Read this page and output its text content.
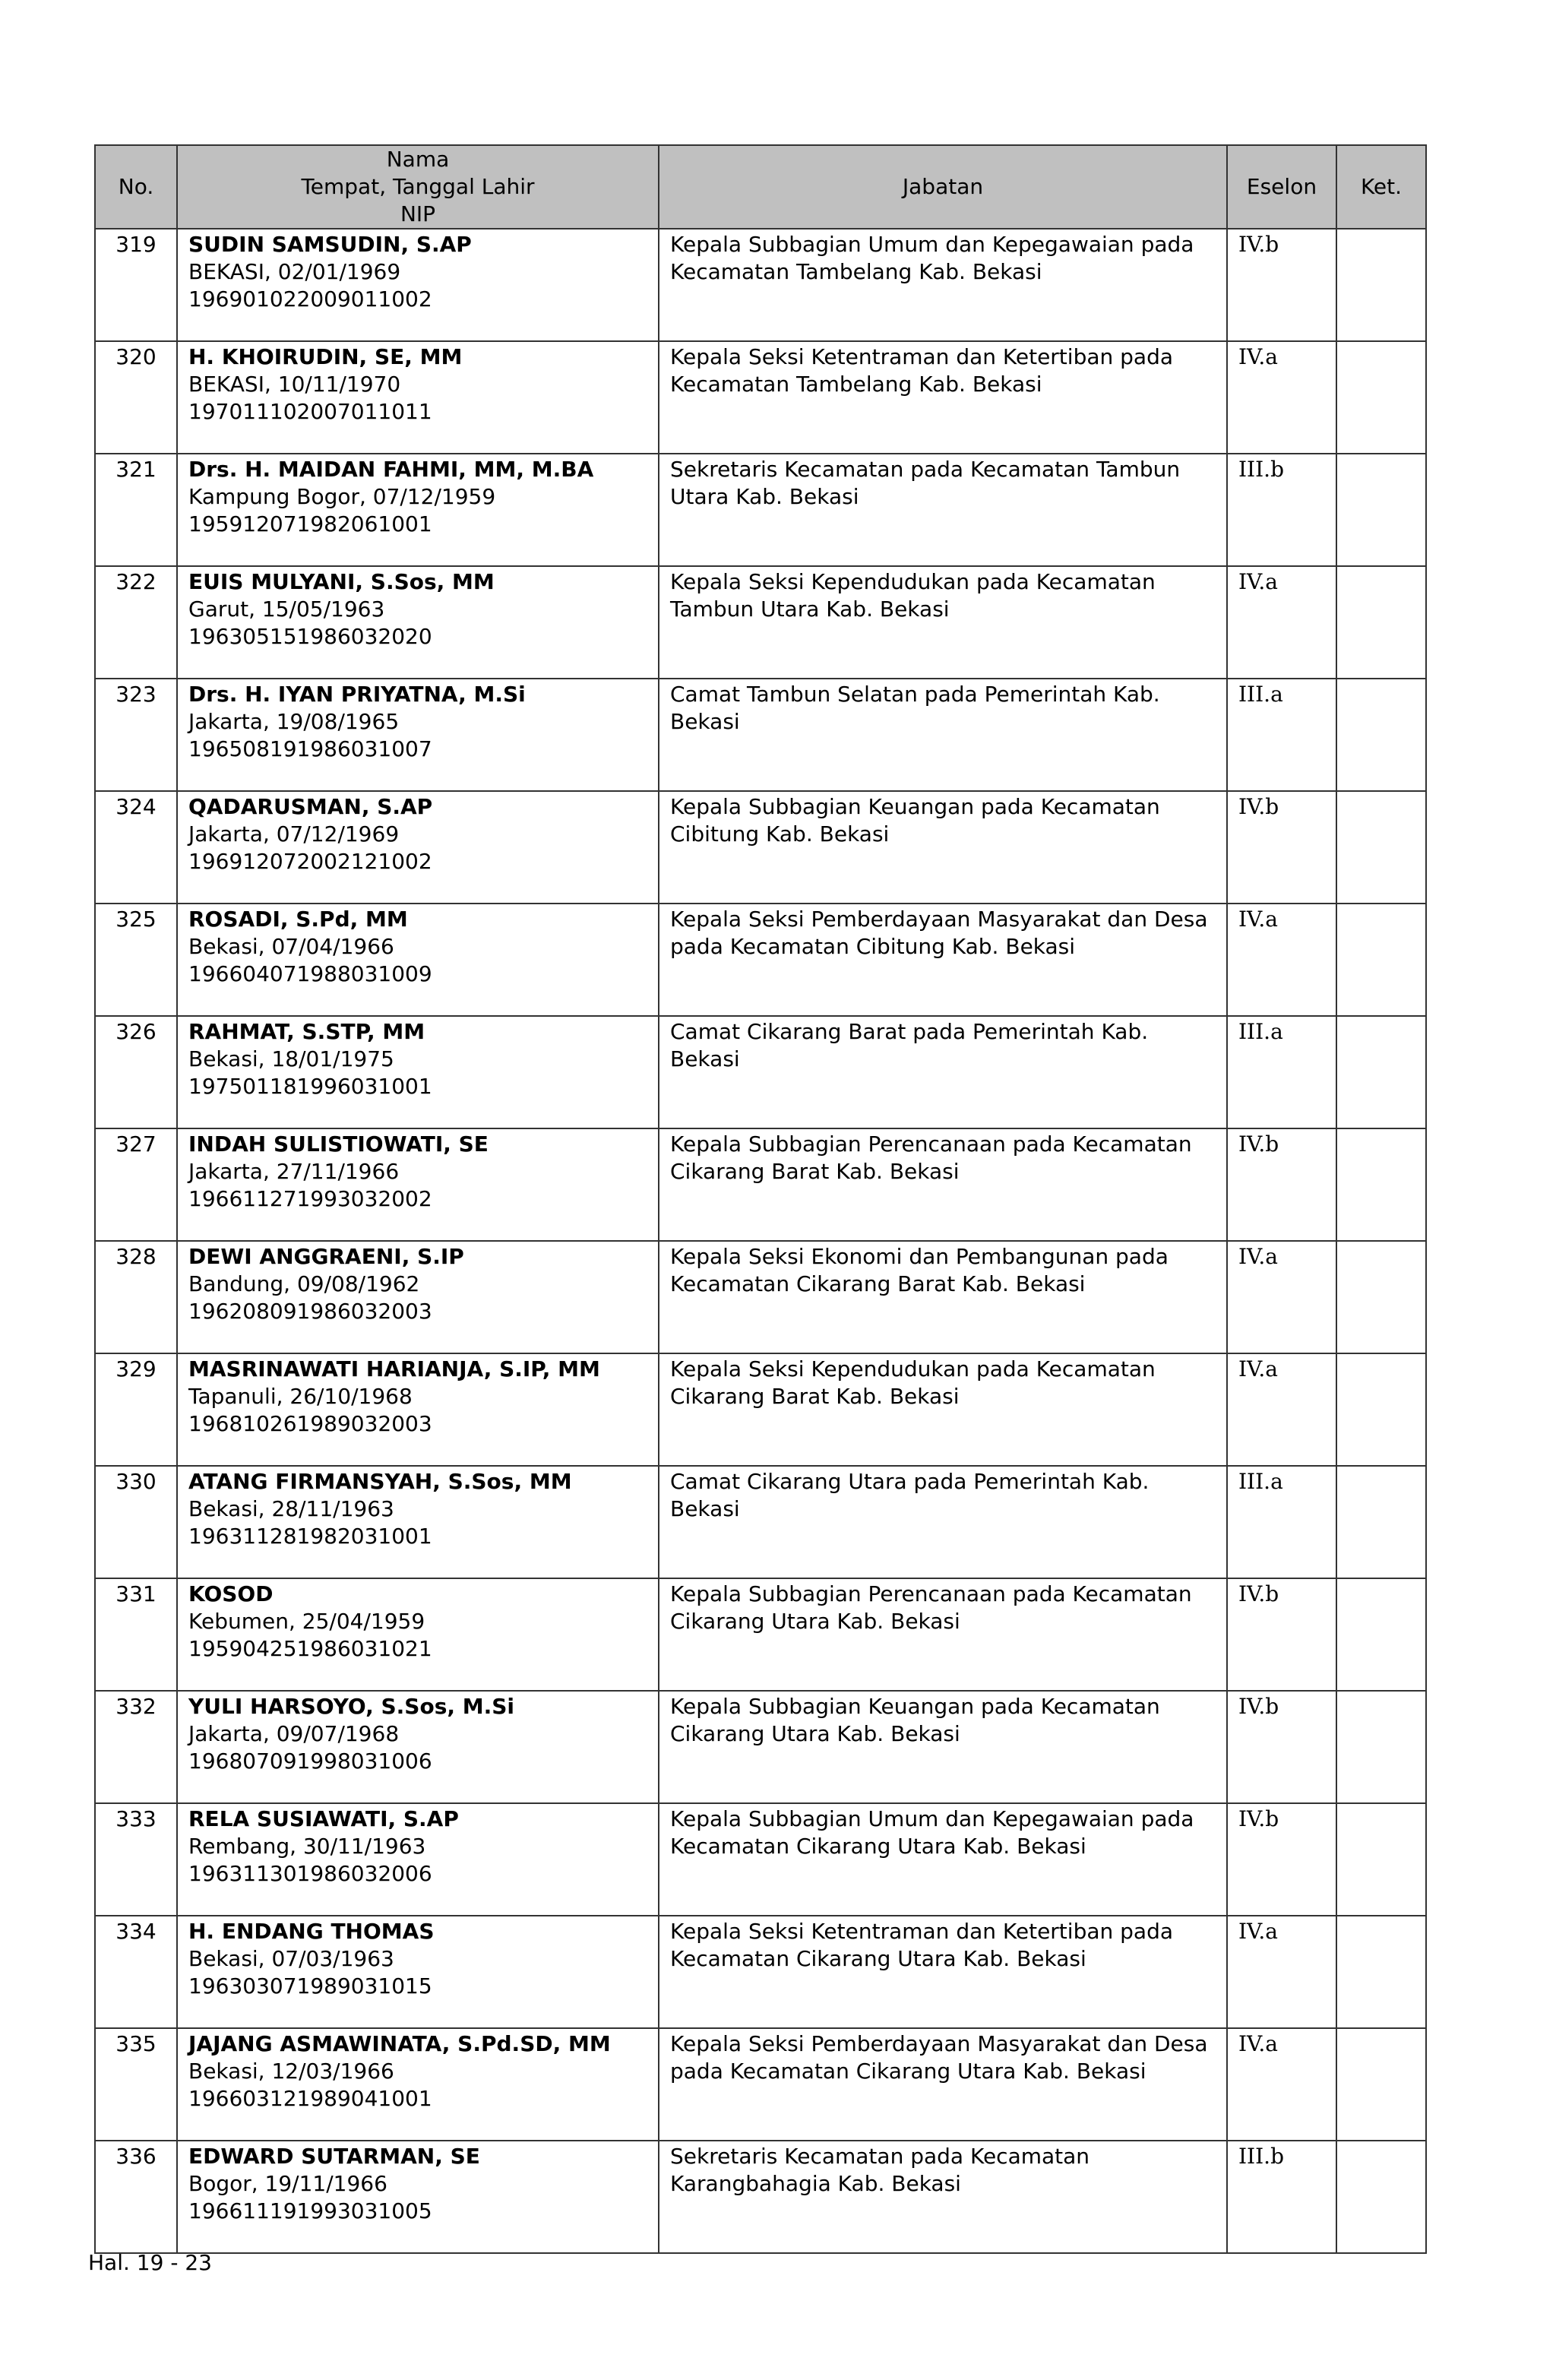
No.	Nama
Tempat, Tanggal Lahir
NIP	Jabatan	Eselon	Ket.
319	SUDIN SAMSUDIN, S.AP
BEKASI, 02/01/1969
196901022009011002	Kepala Subbagian Umum dan Kepegawaian pada Kecamatan Tambelang Kab. Bekasi	IV.b	
320	H. KHOIRUDIN, SE, MM
BEKASI, 10/11/1970
197011102007011011	Kepala Seksi Ketentraman dan Ketertiban pada Kecamatan Tambelang Kab. Bekasi	IV.a	
321	Drs. H. MAIDAN FAHMI, MM, M.BA
Kampung Bogor, 07/12/1959
195912071982061001	Sekretaris Kecamatan pada Kecamatan Tambun Utara Kab. Bekasi	III.b	
322	EUIS MULYANI, S.Sos, MM
Garut, 15/05/1963
196305151986032020	Kepala Seksi Kependudukan pada Kecamatan Tambun Utara Kab. Bekasi	IV.a	
323	Drs. H. IYAN PRIYATNA, M.Si
Jakarta, 19/08/1965
196508191986031007	Camat Tambun Selatan pada Pemerintah Kab. Bekasi	III.a	
324	QADARUSMAN, S.AP
Jakarta, 07/12/1969
196912072002121002	Kepala Subbagian Keuangan pada Kecamatan Cibitung Kab. Bekasi	IV.b	
325	ROSADI, S.Pd, MM
Bekasi, 07/04/1966
196604071988031009	Kepala Seksi Pemberdayaan Masyarakat dan Desa pada Kecamatan Cibitung Kab. Bekasi	IV.a	
326	RAHMAT, S.STP, MM
Bekasi, 18/01/1975
197501181996031001	Camat Cikarang Barat pada Pemerintah Kab. Bekasi	III.a	
327	INDAH SULISTIOWATI, SE
Jakarta, 27/11/1966
196611271993032002	Kepala Subbagian Perencanaan pada Kecamatan Cikarang Barat Kab. Bekasi	IV.b	
328	DEWI ANGGRAENI, S.IP
Bandung, 09/08/1962
196208091986032003	Kepala Seksi Ekonomi dan Pembangunan pada Kecamatan Cikarang Barat Kab. Bekasi	IV.a	
329	MASRINAWATI HARIANJA, S.IP, MM
Tapanuli, 26/10/1968
196810261989032003	Kepala Seksi Kependudukan pada Kecamatan Cikarang Barat Kab. Bekasi	IV.a	
330	ATANG FIRMANSYAH, S.Sos, MM
Bekasi, 28/11/1963
196311281982031001	Camat Cikarang Utara pada Pemerintah Kab. Bekasi	III.a	
331	KOSOD
Kebumen, 25/04/1959
195904251986031021	Kepala Subbagian Perencanaan pada Kecamatan Cikarang Utara Kab. Bekasi	IV.b	
332	YULI HARSOYO, S.Sos, M.Si
Jakarta, 09/07/1968
196807091998031006	Kepala Subbagian Keuangan pada Kecamatan Cikarang Utara Kab. Bekasi	IV.b	
333	RELA SUSIAWATI, S.AP
Rembang, 30/11/1963
196311301986032006	Kepala Subbagian Umum dan Kepegawaian pada Kecamatan Cikarang Utara Kab. Bekasi	IV.b	
334	H. ENDANG THOMAS
Bekasi, 07/03/1963
196303071989031015	Kepala Seksi Ketentraman dan Ketertiban pada Kecamatan Cikarang Utara Kab. Bekasi	IV.a	
335	JAJANG ASMAWINATA, S.Pd.SD, MM
Bekasi, 12/03/1966
196603121989041001	Kepala Seksi Pemberdayaan Masyarakat dan Desa pada Kecamatan Cikarang Utara Kab. Bekasi	IV.a	
336	EDWARD SUTARMAN, SE
Bogor, 19/11/1966
196611191993031005	Sekretaris Kecamatan pada Kecamatan Karangbahagia Kab. Bekasi	III.b	
Hal. 19 - 23
